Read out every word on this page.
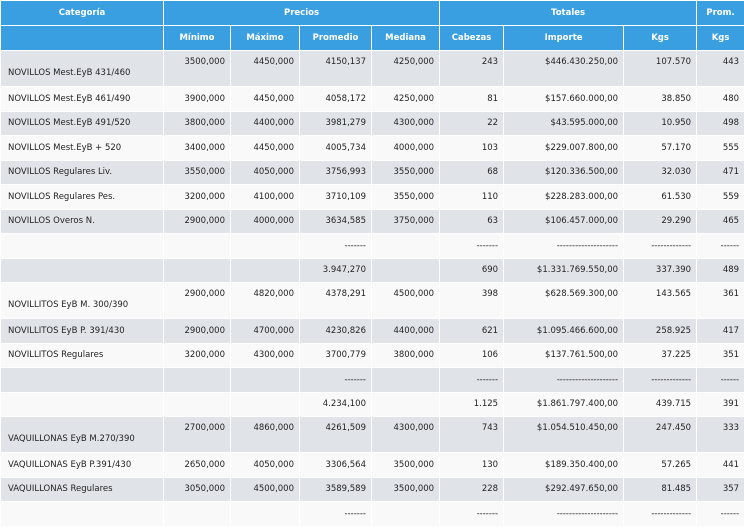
Categoría	Precios				Totales			Prom.
	Mínimo	Máximo	Promedio	Mediana	Cabezas	Importe	Kgs	Kgs
NOVILLOS Mest.EyB 431/460	3500,000	4450,000	4150,137	4250,000	243	$446.430.250,00	107.570	443
NOVILLOS Mest.EyB 461/490	3900,000	4450,000	4058,172	4250,000	81	$157.660.000,00	38.850	480
NOVILLOS Mest.EyB 491/520	3800,000	4400,000	3981,279	4300,000	22	$43.595.000,00	10.950	498
NOVILLOS Mest.EyB + 520	3400,000	4450,000	4005,734	4000,000	103	$229.007.800,00	57.170	555
NOVILLOS Regulares Liv.	3550,000	4050,000	3756,993	3550,000	68	$120.336.500,00	32.030	471
NOVILLOS Regulares Pes.	3200,000	4100,000	3710,109	3550,000	110	$228.283.000,00	61.530	559
NOVILLOS Overos N.	2900,000	4000,000	3634,585	3750,000	63	$106.457.000,00	29.290	465
			-------		-------	--------------------	-------------	------
			3.947,270		690	$1.331.769.550,00	337.390	489
NOVILLITOS EyB M. 300/390	2900,000	4820,000	4378,291	4500,000	398	$628.569.300,00	143.565	361
NOVILLITOS EyB P. 391/430	2900,000	4700,000	4230,826	4400,000	621	$1.095.466.600,00	258.925	417
NOVILLITOS Regulares	3200,000	4300,000	3700,779	3800,000	106	$137.761.500,00	37.225	351
			-------		-------	--------------------	-------------	------
			4.234,100		1.125	$1.861.797.400,00	439.715	391
VAQUILLONAS EyB M.270/390	2700,000	4860,000	4261,509	4300,000	743	$1.054.510.450,00	247.450	333
VAQUILLONAS EyB P.391/430	2650,000	4050,000	3306,564	3500,000	130	$189.350.400,00	57.265	441
VAQUILLONAS Regulares	3050,000	4500,000	3589,589	3500,000	228	$292.497.650,00	81.485	357
			-------		-------	--------------------	-------------	------
